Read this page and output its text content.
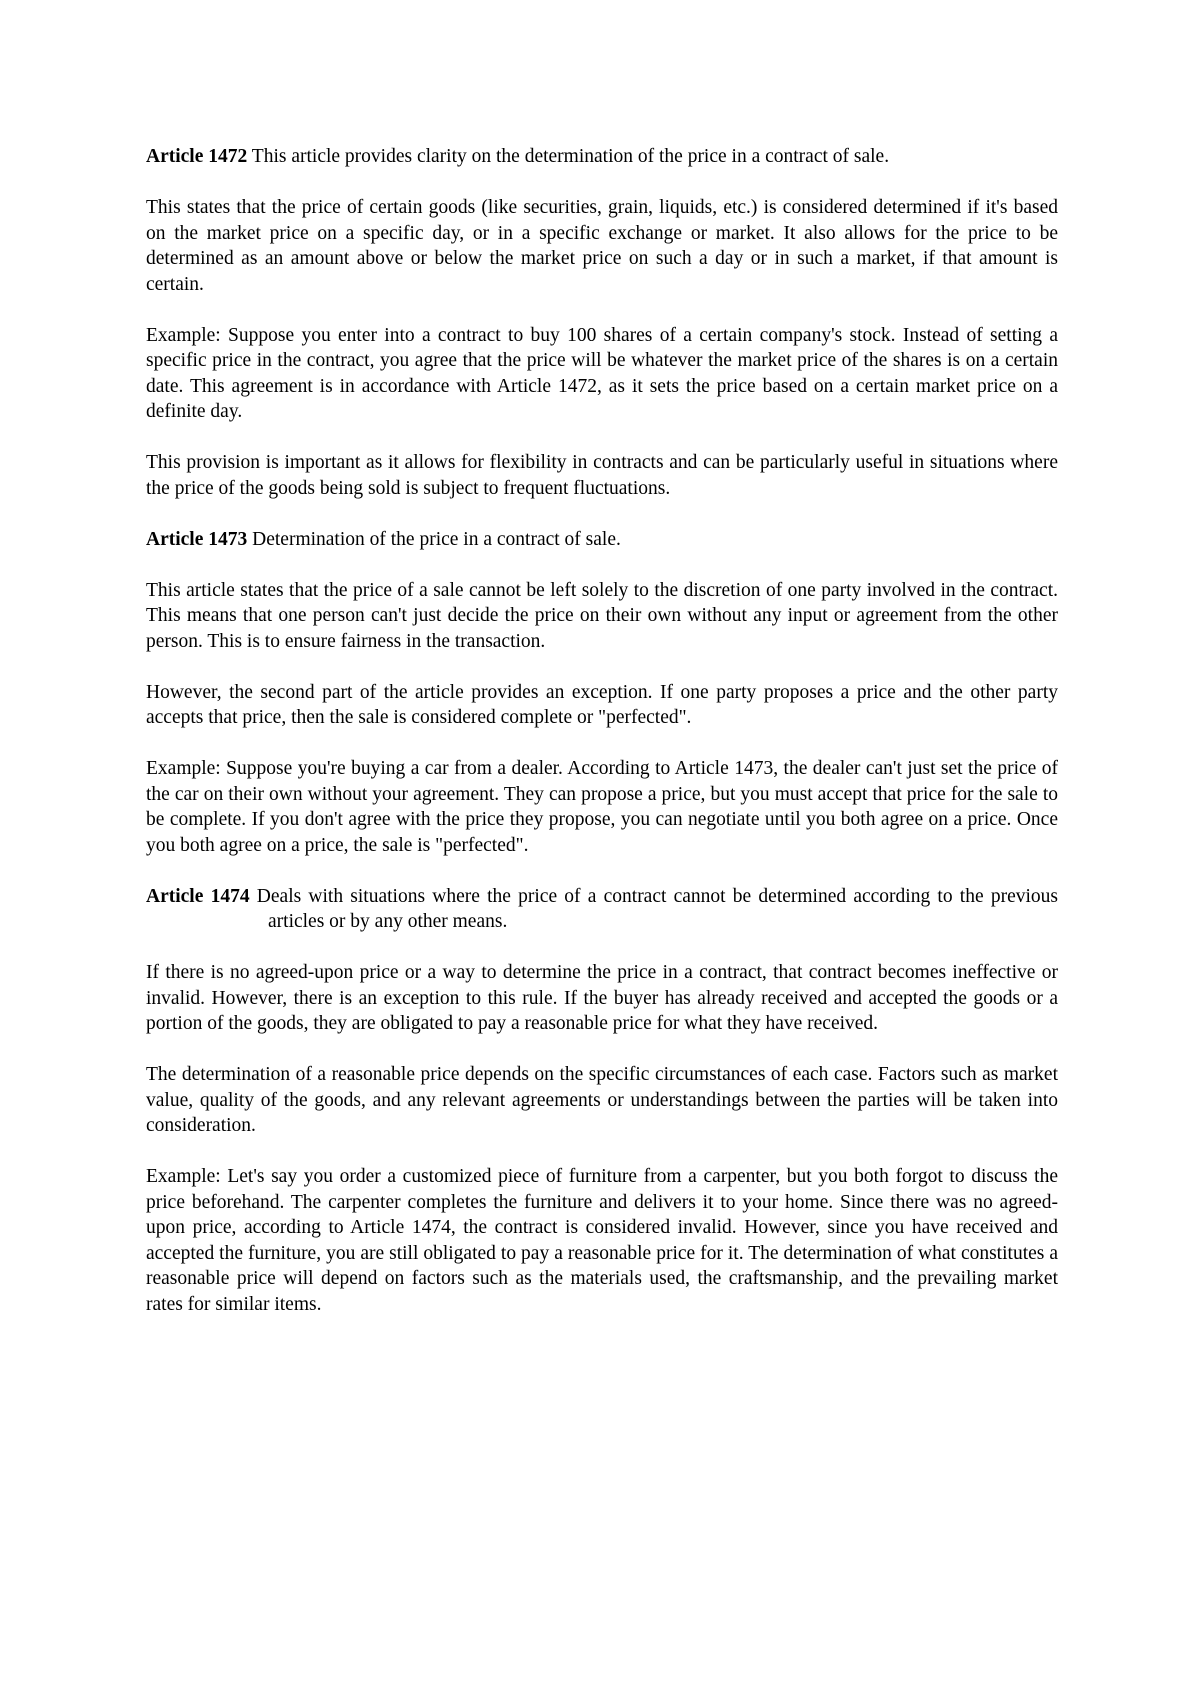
Article 1472 This article provides clarity on the determination of the price in a contract of sale.

This states that the price of certain goods (like securities, grain, liquids, etc.) is considered determined if it's based on the market price on a specific day, or in a specific exchange or market. It also allows for the price to be determined as an amount above or below the market price on such a day or in such a market, if that amount is certain.

Example: Suppose you enter into a contract to buy 100 shares of a certain company's stock. Instead of setting a specific price in the contract, you agree that the price will be whatever the market price of the shares is on a certain date. This agreement is in accordance with Article 1472, as it sets the price based on a certain market price on a definite day.

This provision is important as it allows for flexibility in contracts and can be particularly useful in situations where the price of the goods being sold is subject to frequent fluctuations.

Article 1473 Determination of the price in a contract of sale.

This article states that the price of a sale cannot be left solely to the discretion of one party involved in the contract. This means that one person can't just decide the price on their own without any input or agreement from the other person. This is to ensure fairness in the transaction.

However, the second part of the article provides an exception. If one party proposes a price and the other party accepts that price, then the sale is considered complete or "perfected".

Example: Suppose you're buying a car from a dealer. According to Article 1473, the dealer can't just set the price of the car on their own without your agreement. They can propose a price, but you must accept that price for the sale to be complete. If you don't agree with the price they propose, you can negotiate until you both agree on a price. Once you both agree on a price, the sale is "perfected".

Article 1474 Deals with situations where the price of a contract cannot be determined according to the previous articles or by any other means.

If there is no agreed-upon price or a way to determine the price in a contract, that contract becomes ineffective or invalid. However, there is an exception to this rule. If the buyer has already received and accepted the goods or a portion of the goods, they are obligated to pay a reasonable price for what they have received.

The determination of a reasonable price depends on the specific circumstances of each case. Factors such as market value, quality of the goods, and any relevant agreements or understandings between the parties will be taken into consideration.

Example: Let's say you order a customized piece of furniture from a carpenter, but you both forgot to discuss the price beforehand. The carpenter completes the furniture and delivers it to your home. Since there was no agreed-upon price, according to Article 1474, the contract is considered invalid. However, since you have received and accepted the furniture, you are still obligated to pay a reasonable price for it. The determination of what constitutes a reasonable price will depend on factors such as the materials used, the craftsmanship, and the prevailing market rates for similar items.
